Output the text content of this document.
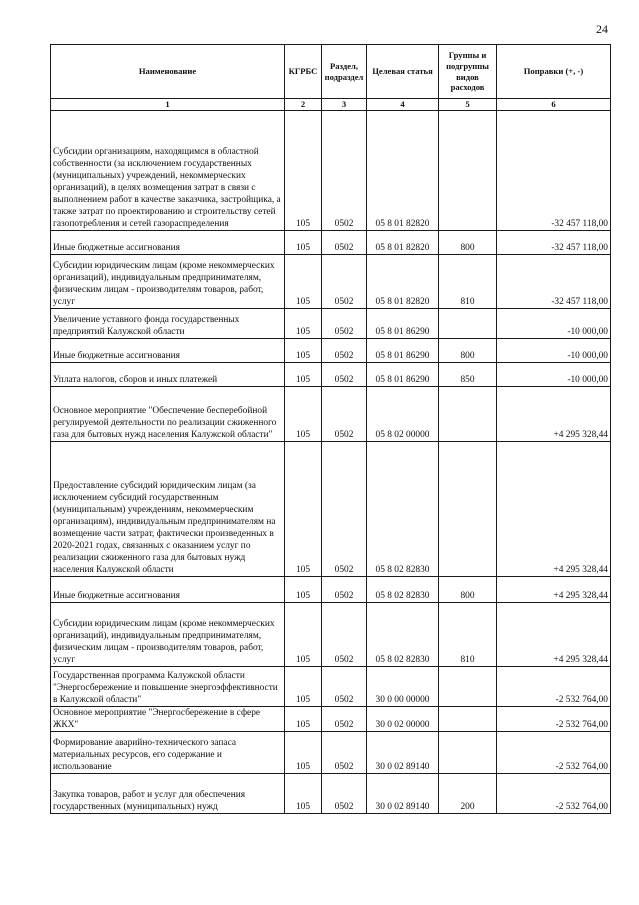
24
Наименование	КГРБС	Раздел, подраздел	Целевая статья	Группы и подгруппы видов расходов	Поправки (+, -)
1	2	3	4	5	6
Субсидии организациям, находящимся в областной собственности (за исключением государственных (муниципальных) учреждений, некоммерческих организаций), в целях возмещения затрат в связи с выполнением работ в качестве заказчика, застройщика, а также затрат по проектированию и строительству сетей газопотребления и сетей газораспределения	105	0502	05 8 01 82820		-32 457 118,00
Иные бюджетные ассигнования	105	0502	05 8 01 82820	800	-32 457 118,00
Субсидии юридическим лицам (кроме некоммерческих организаций), индивидуальным предпринимателям, физическим лицам - производителям товаров, работ, услуг	105	0502	05 8 01 82820	810	-32 457 118,00
Увеличение уставного фонда государственных предприятий Калужской области	105	0502	05 8 01 86290		-10 000,00
Иные бюджетные ассигнования	105	0502	05 8 01 86290	800	-10 000,00
Уплата налогов, сборов и иных платежей	105	0502	05 8 01 86290	850	-10 000,00
Основное мероприятие "Обеспечение бесперебойной регулируемой деятельности по реализации сжиженного газа для бытовых нужд населения Калужской области"	105	0502	05 8 02 00000		+4 295 328,44
Предоставление субсидий юридическим лицам (за исключением субсидий государственным (муниципальным) учреждениям, некоммерческим организациям), индивидуальным предпринимателям на возмещение части затрат, фактически произведенных в 2020-2021 годах, связанных с оказанием услуг по реализации сжиженного газа для бытовых нужд населения Калужской области	105	0502	05 8 02 82830		+4 295 328,44
Иные бюджетные ассигнования	105	0502	05 8 02 82830	800	+4 295 328,44
Субсидии юридическим лицам (кроме некоммерческих организаций), индивидуальным предпринимателям, физическим лицам - производителям товаров, работ, услуг	105	0502	05 8 02 82830	810	+4 295 328,44
Государственная программа Калужской области "Энергосбережение и повышение энергоэффективности в Калужской области"	105	0502	30 0 00 00000		-2 532 764,00
Основное мероприятие "Энергосбережение в сфере ЖКХ"	105	0502	30 0 02 00000		-2 532 764,00
Формирование аварийно-технического запаса материальных ресурсов, его содержание и использование	105	0502	30 0 02 89140		-2 532 764,00
Закупка товаров, работ и услуг для обеспечения государственных (муниципальных) нужд	105	0502	30 0 02 89140	200	-2 532 764,00
